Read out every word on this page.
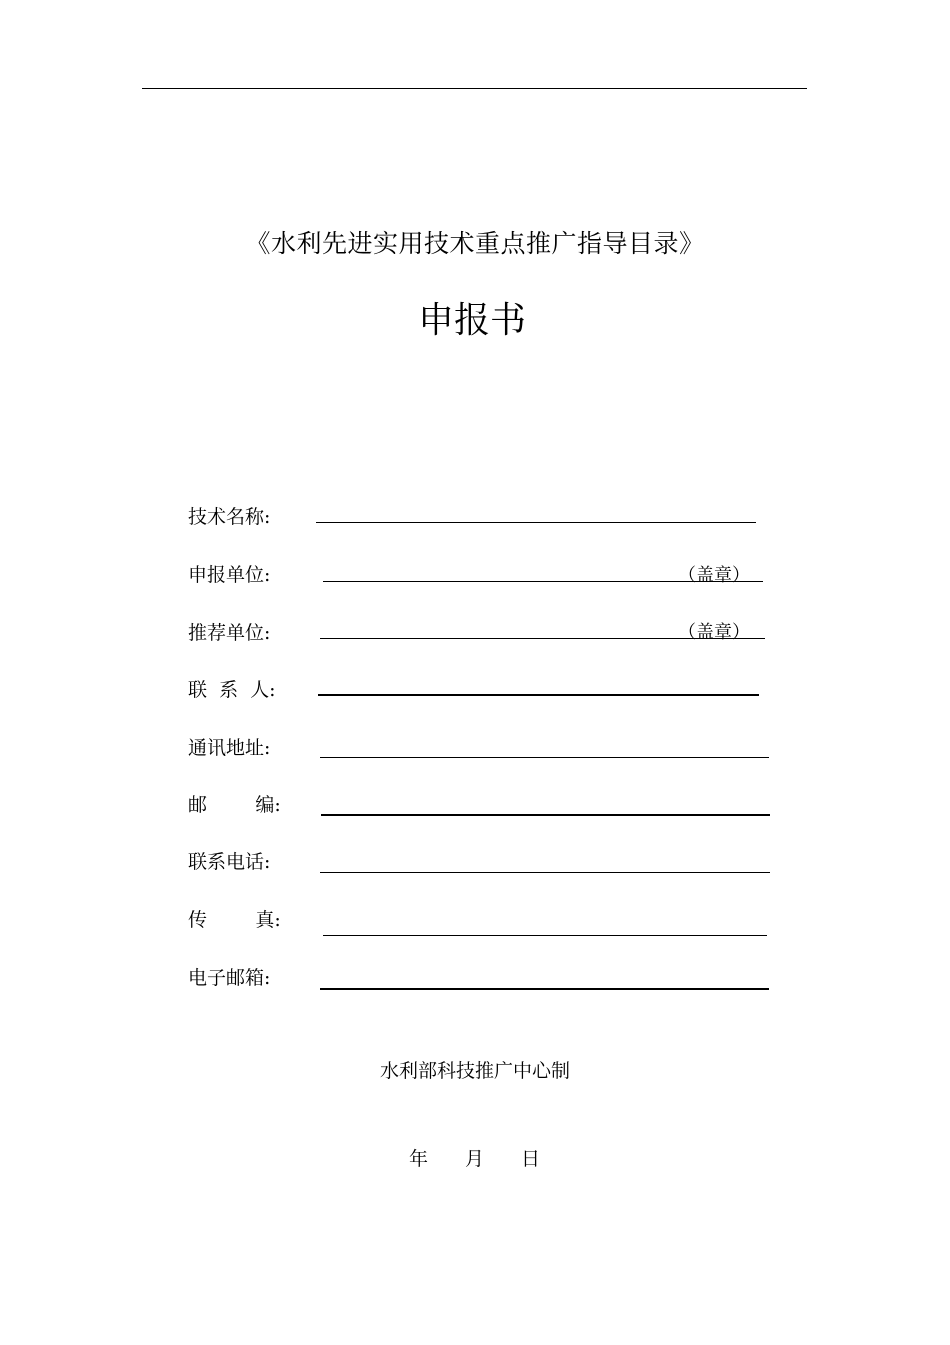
《水利先进实用技术重点推广指导目录》
申报书
技术名称:
申报单位:	（盖章）
推荐单位:	（盖章）
联  系  人:
通讯地址:
邮        编:
联系电话:
传        真:
电子邮箱:
水利部科技推广中心制
年 月 日
